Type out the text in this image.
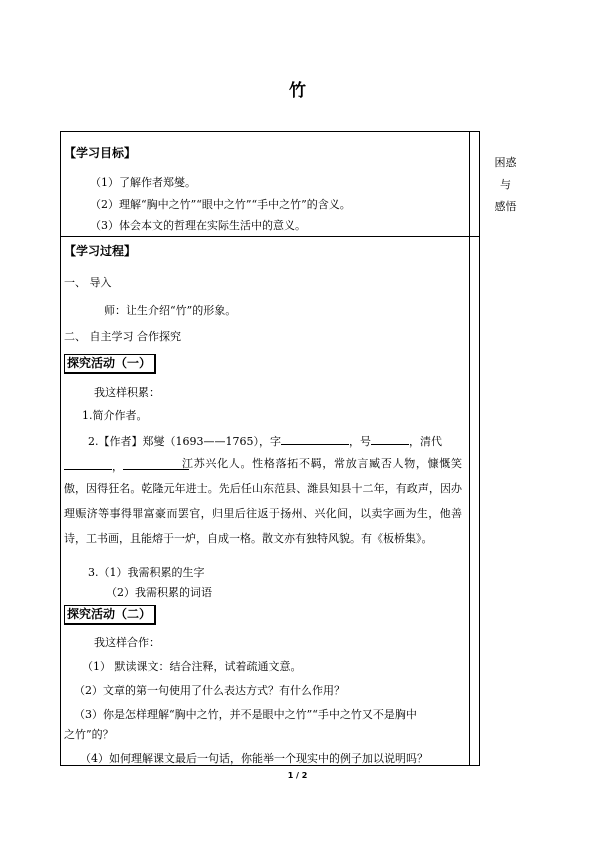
竹
困惑
与
感悟
【学习目标】
（1）了解作者郑燮。
（2）理解“胸中之竹”“眼中之竹”“手中之竹”的含义。
（3）体会本文的哲理在实际生活中的意义。
【学习过程】
一、 导入
师：让生介绍“竹”的形象。
二、 自主学习 合作探究
探究活动（一）
我这样积累：
1.简介作者。
2.【作者】郑燮（1693——1765），字	，号	，清代
，	江苏兴化人。性格落拓不羁，常放言臧否人物，慷慨笑傲，因得狂名。乾隆元年进士。先后任山东范县、潍县知县十二年，有政声，因办理赈济等事得罪富豪而罢官，归里后往返于扬州、兴化间，以卖字画为生，他善诗，工书画，且能熔于一炉，自成一格。散文亦有独特风貌。有《板桥集》。
3.（1）我需积累的生字
（2）我需积累的词语
探究活动（二）
我这样合作：
（1） 默读课文：结合注释，试着疏通文意。
（2）文章的第一句使用了什么表达方式？有什么作用？
（3）你是怎样理解“胸中之竹，并不是眼中之竹”“手中之竹又不是胸中
之竹”的？
（4）如何理解课文最后一句话，你能举一个现实中的例子加以说明吗？
1 / 2
